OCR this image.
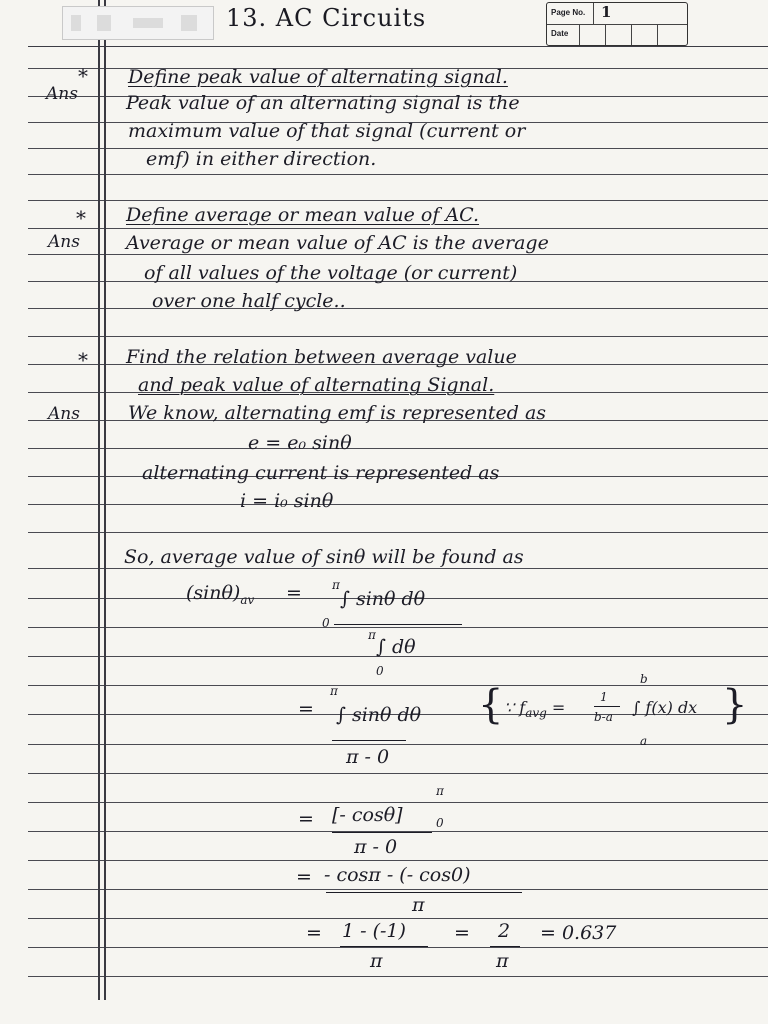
13. AC Circuits	Page No. 1
Date
*
Ans
Define peak value of alternating signal.
Peak value of an alternating signal is the
maximum value of that signal (current or
emf) in either direction.
*
Ans
Define average or mean value of AC.
Average or mean value of AC is the average
of all values of the voltage (or current)
over one half cycle..
*
Ans
Find the relation between average value
and peak value of alternating Signal.
We know, alternating emf is represented as
e = e₀ sinθ
alternating current is represented as
i = i₀ sinθ
So, average value of sinθ will be found as
$(\sin\theta)_{av}$ =	π
∫ sinθ dθ
0
π
∫ dθ
0
=
π
∫ sinθ dθ
π - 0
{ ∵ $f_{avg}$ =
1
b-a
b
∫ f(x) dx
a
}
= [- cosθ]
π
0
π - 0
= - cosπ - (- cos0)
π
= 1 - (-1)
π
= 2
π
= 0.637
